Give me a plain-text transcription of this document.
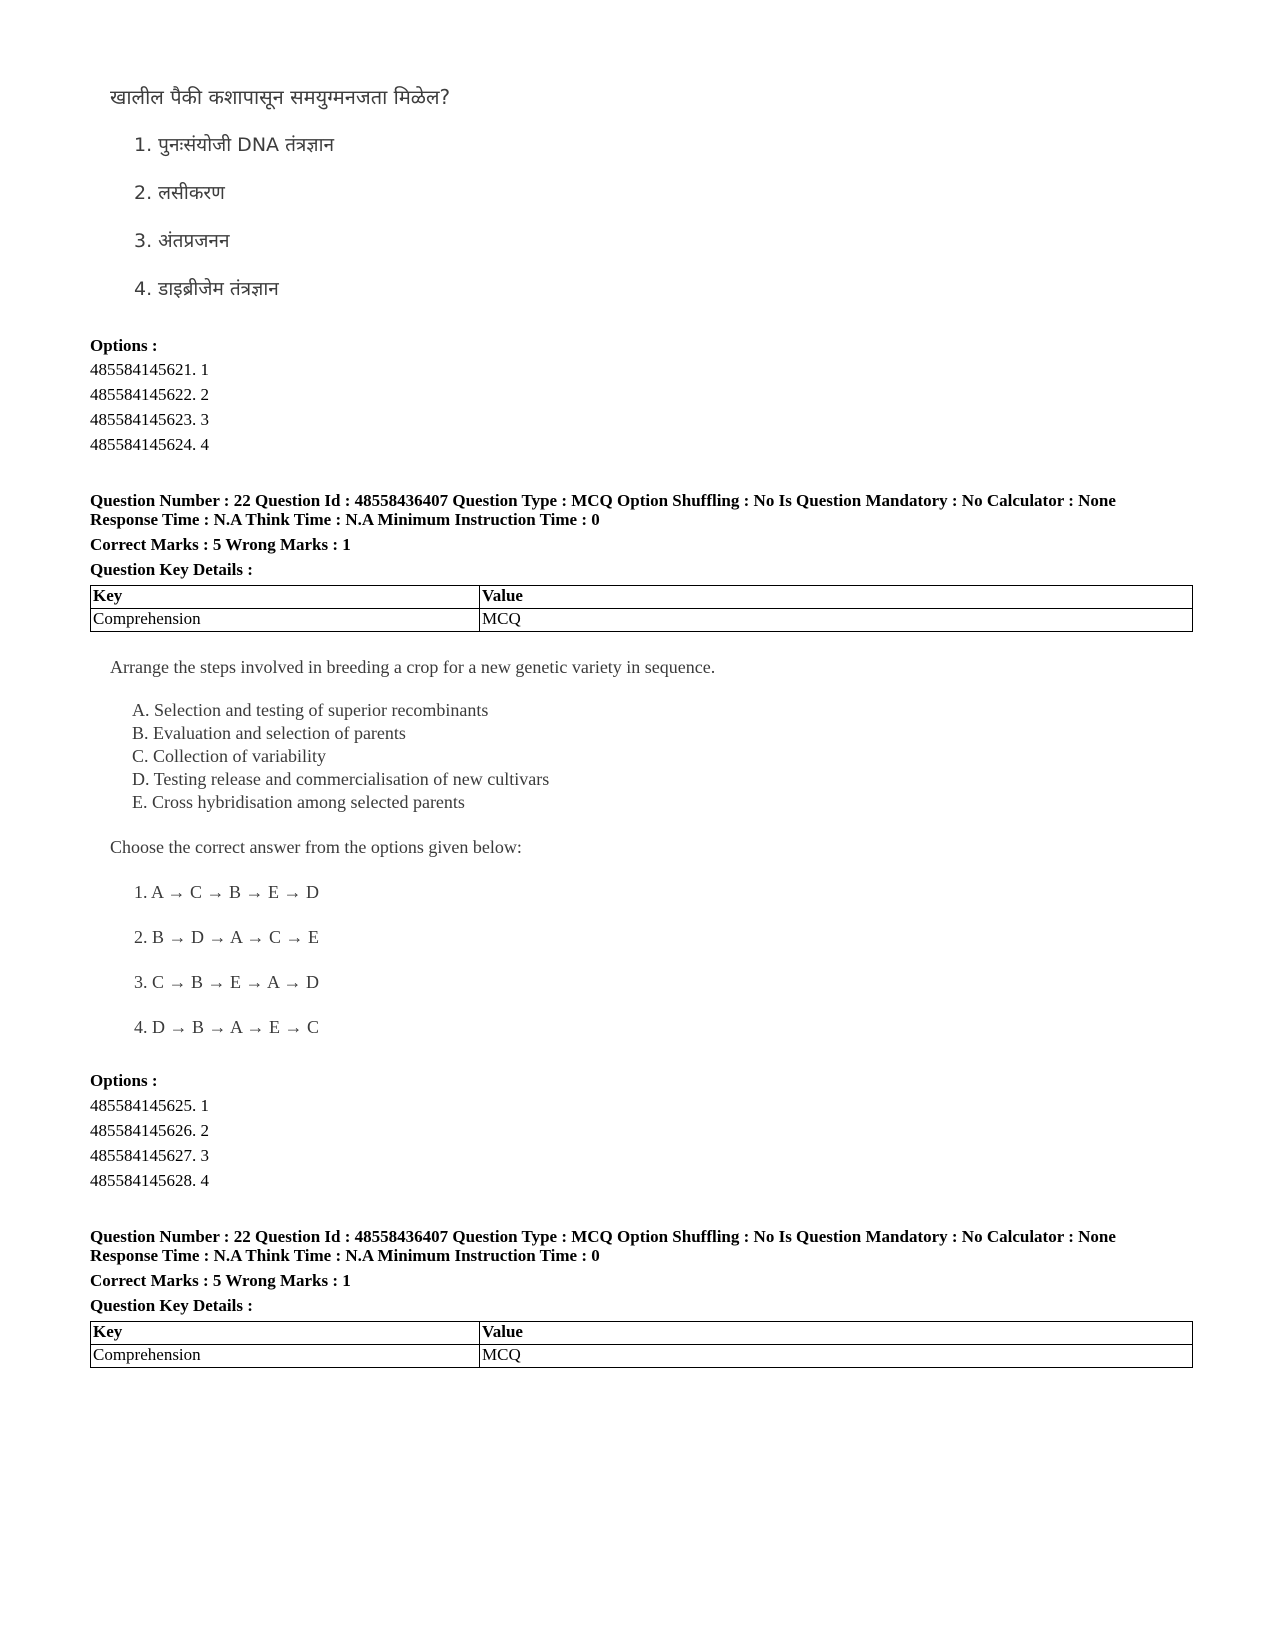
खालील पैकी कशापासून समयुग्मनजता मिळेल?
1. पुनःसंयोजी DNA तंत्रज्ञान
2. लसीकरण
3. अंतप्रजनन
4. डाइब्रीजेम तंत्रज्ञान
Options :
485584145621. 1
485584145622. 2
485584145623. 3
485584145624. 4
Question Number : 22 Question Id : 48558436407 Question Type : MCQ Option Shuffling : No Is Question Mandatory : No Calculator : None
Response Time : N.A Think Time : N.A Minimum Instruction Time : 0
Correct Marks : 5 Wrong Marks : 1
Question Key Details :
Key	Value
Comprehension	MCQ
Arrange the steps involved in breeding a crop for a new genetic variety in sequence.
A. Selection and testing of superior recombinants
B. Evaluation and selection of parents
C. Collection of variability
D. Testing release and commercialisation of new cultivars
E. Cross hybridisation among selected parents
Choose the correct answer from the options given below:
1. A → C → B → E → D
2. B → D → A → C → E
3. C → B → E → A → D
4. D → B → A → E → C
Options :
485584145625. 1
485584145626. 2
485584145627. 3
485584145628. 4
Question Number : 22 Question Id : 48558436407 Question Type : MCQ Option Shuffling : No Is Question Mandatory : No Calculator : None
Response Time : N.A Think Time : N.A Minimum Instruction Time : 0
Correct Marks : 5 Wrong Marks : 1
Question Key Details :
Key	Value
Comprehension	MCQ
